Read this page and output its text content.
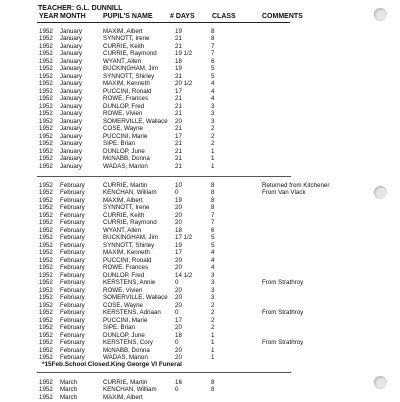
TEACHER: G.L. DUNNILL
YEAR MONTH PUPIL'S NAME # DAYS CLASS	COMMENTS
1952 January	MAXIM, Albert	19	8
1952 January	SYNNOTT, Irene	21	8
1952 January	CURRIE, Keith	21	7
1952 January	CURRIE, Raymond	19 1/2	7
1952 January	WYANT, Allen	18	6
1952 January	BUCKINGHAM, Jim	19	5
1952 January	SYNNOTT, Shirley	21	5
1952 January	MAXIM, Kenneth	20 1/2	4
1952 January	PUCCINI, Ronald	17	4
1952 January	ROWE, Frances	21	4
1952 January	DUNLOP, Fred	21	3
1952 January	ROWE, Vivien	21	3
1952 January	SOMERVILLE, Wallace 20	3
1952 January	COSE, Wayne	21	2
1952 January	PUCCINI, Marie	17	2
1952 January	SIPE, Brian	21	2
1952 January	DUNLOP, June	21	1
1952 January	McNABB, Donna	21	1
1952 January	WADAS, Marion	21	1
1952 February	CURRIE, Martin	10	8	Returned from Kitchener
1952 February	KENCHAN, William	0	8	From Van Vlack
1952 February	MAXIM, Albert	19	8
1952 February	SYNNOTT, Irene	20	8
1952 February	CURRIE, Keith	20	7
1952 February	CURRIE, Raymond	20	7
1952 February	WYANT, Allen	18	6
1952 February	BUCKINGHAM, Jim	17 1/2	5
1952 February	SYNNOTT, Shirley	19	5
1952 February	MAXIM, Kenneth	17	4
1952 February	PUCCINI, Ronald	20	4
1952 February	ROWE, Frances	20	4
1952 February	DUNLOP, Fred	14 1/2	3
1952 February	KERSTENS, Annie	0	3	From Strathroy
1952 February	ROWE, Vivien	20	3
1952 February	SOMERVILLE, Wallace 20	3
1952 February	COSE, Wayne	20	2
1952 February	KERSTENS, Adriaan 0	2	From Strathroy
1952 February	PUCCINI, Marie	17	2
1952 February	SIPE, Brian	20	2
1952 February	DUNLOP, June	18	1
1952 February	KERSTENS, Cory	0	1	From Strathroy
1952 February	McNABB, Donna	20	1
1952 February	WADAS, Marion	20	1
*15Feb.School Closed.King George VI Funeral
1952 March	CURRIE, Martin	16	8
1952 March	KENCHAN, William	0	8
1952 March	MAXIM, Albert
